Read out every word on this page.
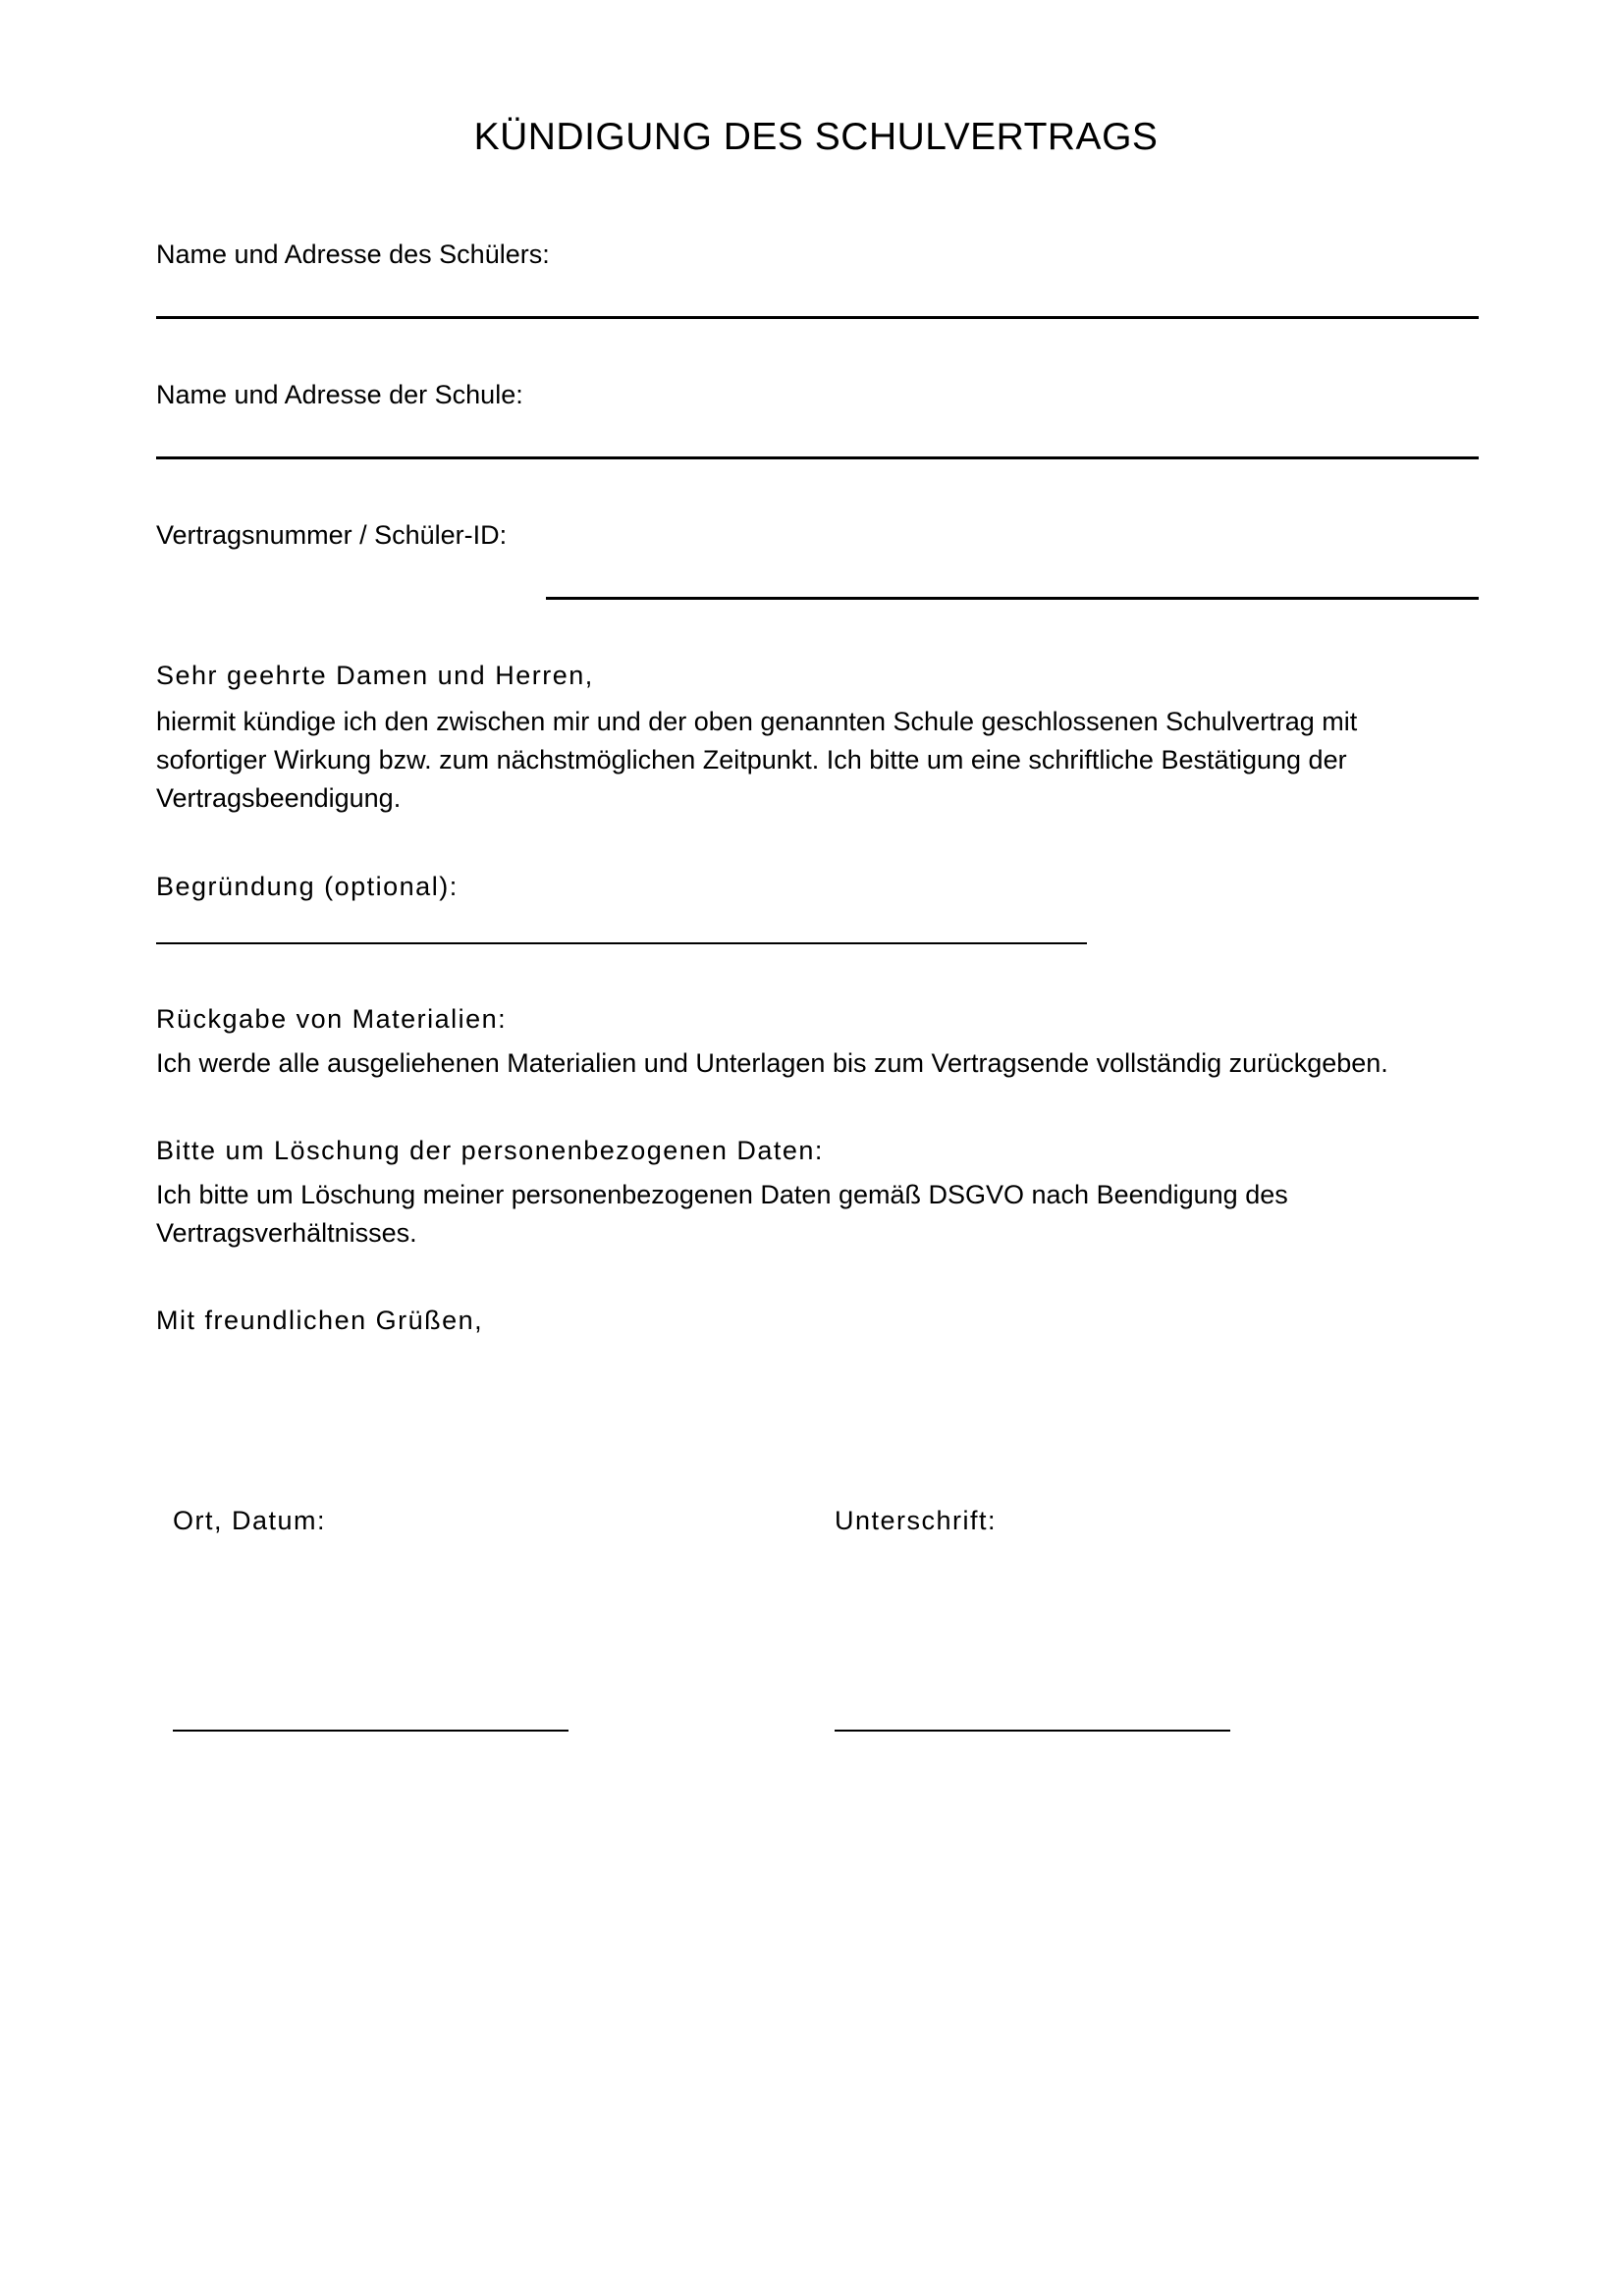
KÜNDIGUNG DES SCHULVERTRAGS
Name und Adresse des Schülers:
Name und Adresse der Schule:
Vertragsnummer / Schüler-ID:
Sehr geehrte Damen und Herren,
hiermit kündige ich den zwischen mir und der oben genannten Schule geschlossenen Schulvertrag mit
sofortiger Wirkung bzw. zum nächstmöglichen Zeitpunkt. Ich bitte um eine schriftliche Bestätigung der
Vertragsbeendigung.
Begründung (optional):
Rückgabe von Materialien:
Ich werde alle ausgeliehenen Materialien und Unterlagen bis zum Vertragsende vollständig zurückgeben.
Bitte um Löschung der personenbezogenen Daten:
Ich bitte um Löschung meiner personenbezogenen Daten gemäß DSGVO nach Beendigung des
Vertragsverhältnisses.
Mit freundlichen Grüßen,
Ort, Datum:	Unterschrift:
